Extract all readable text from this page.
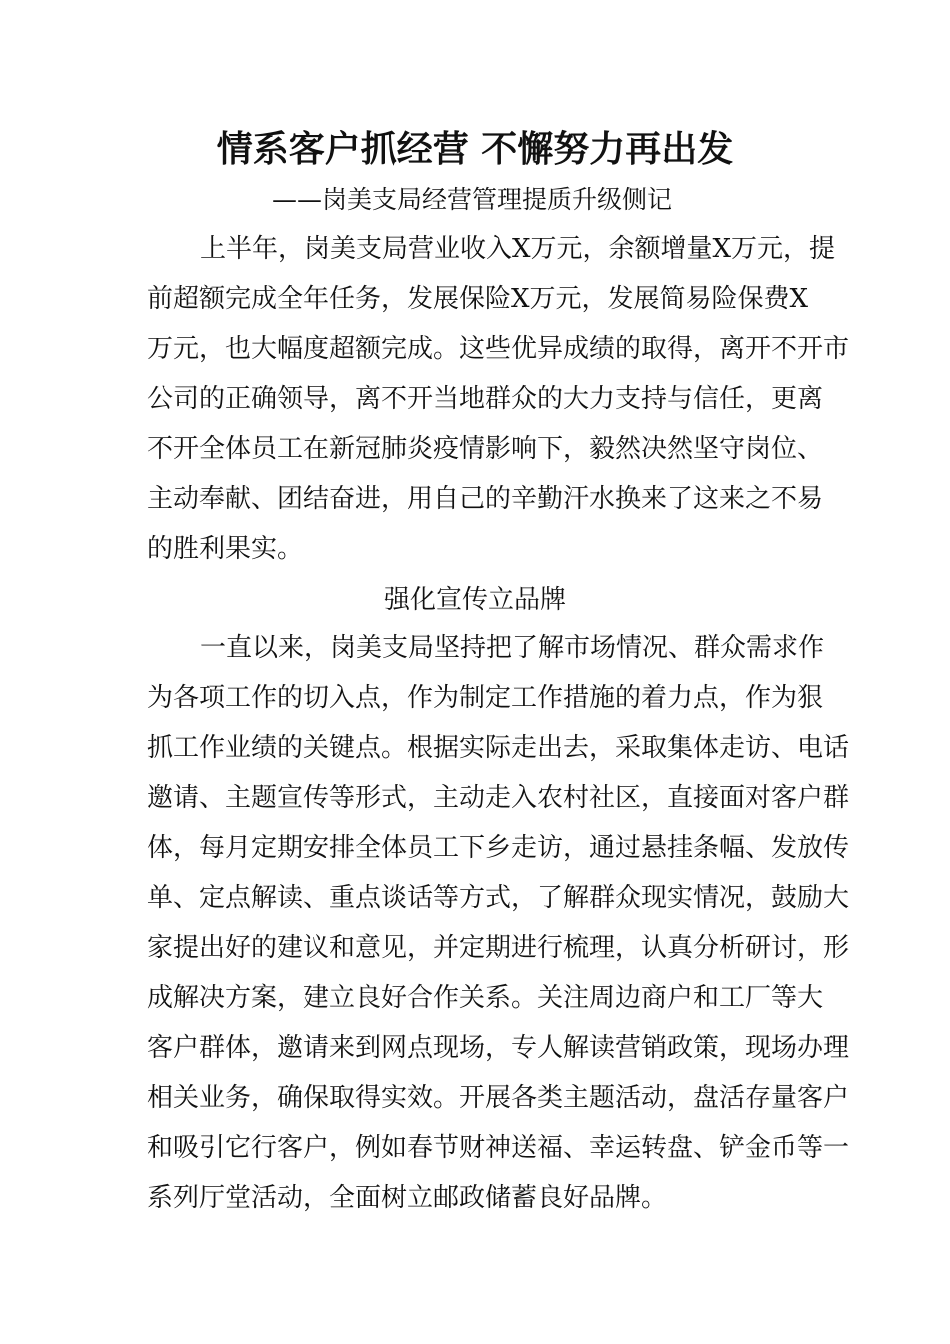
情系客户抓经营 不懈努力再出发
——岗美支局经营管理提质升级侧记
上半年，岗美支局营业收入X万元，余额增量X万元，提
前超额完成全年任务，发展保险X万元，发展简易险保费X
万元，也大幅度超额完成。这些优异成绩的取得，离开不开市
公司的正确领导，离不开当地群众的大力支持与信任，更离
不开全体员工在新冠肺炎疫情影响下，毅然决然坚守岗位、
主动奉献、团结奋进，用自己的辛勤汗水换来了这来之不易
的胜利果实。
强化宣传立品牌
一直以来，岗美支局坚持把了解市场情况、群众需求作
为各项工作的切入点，作为制定工作措施的着力点，作为狠
抓工作业绩的关键点。根据实际走出去，采取集体走访、电话
邀请、主题宣传等形式，主动走入农村社区，直接面对客户群
体，每月定期安排全体员工下乡走访，通过悬挂条幅、发放传
单、定点解读、重点谈话等方式，了解群众现实情况，鼓励大
家提出好的建议和意见，并定期进行梳理，认真分析研讨，形
成解决方案，建立良好合作关系。关注周边商户和工厂等大
客户群体，邀请来到网点现场，专人解读营销政策，现场办理
相关业务，确保取得实效。开展各类主题活动，盘活存量客户
和吸引它行客户，例如春节财神送福、幸运转盘、铲金币等一
系列厅堂活动，全面树立邮政储蓄良好品牌。
